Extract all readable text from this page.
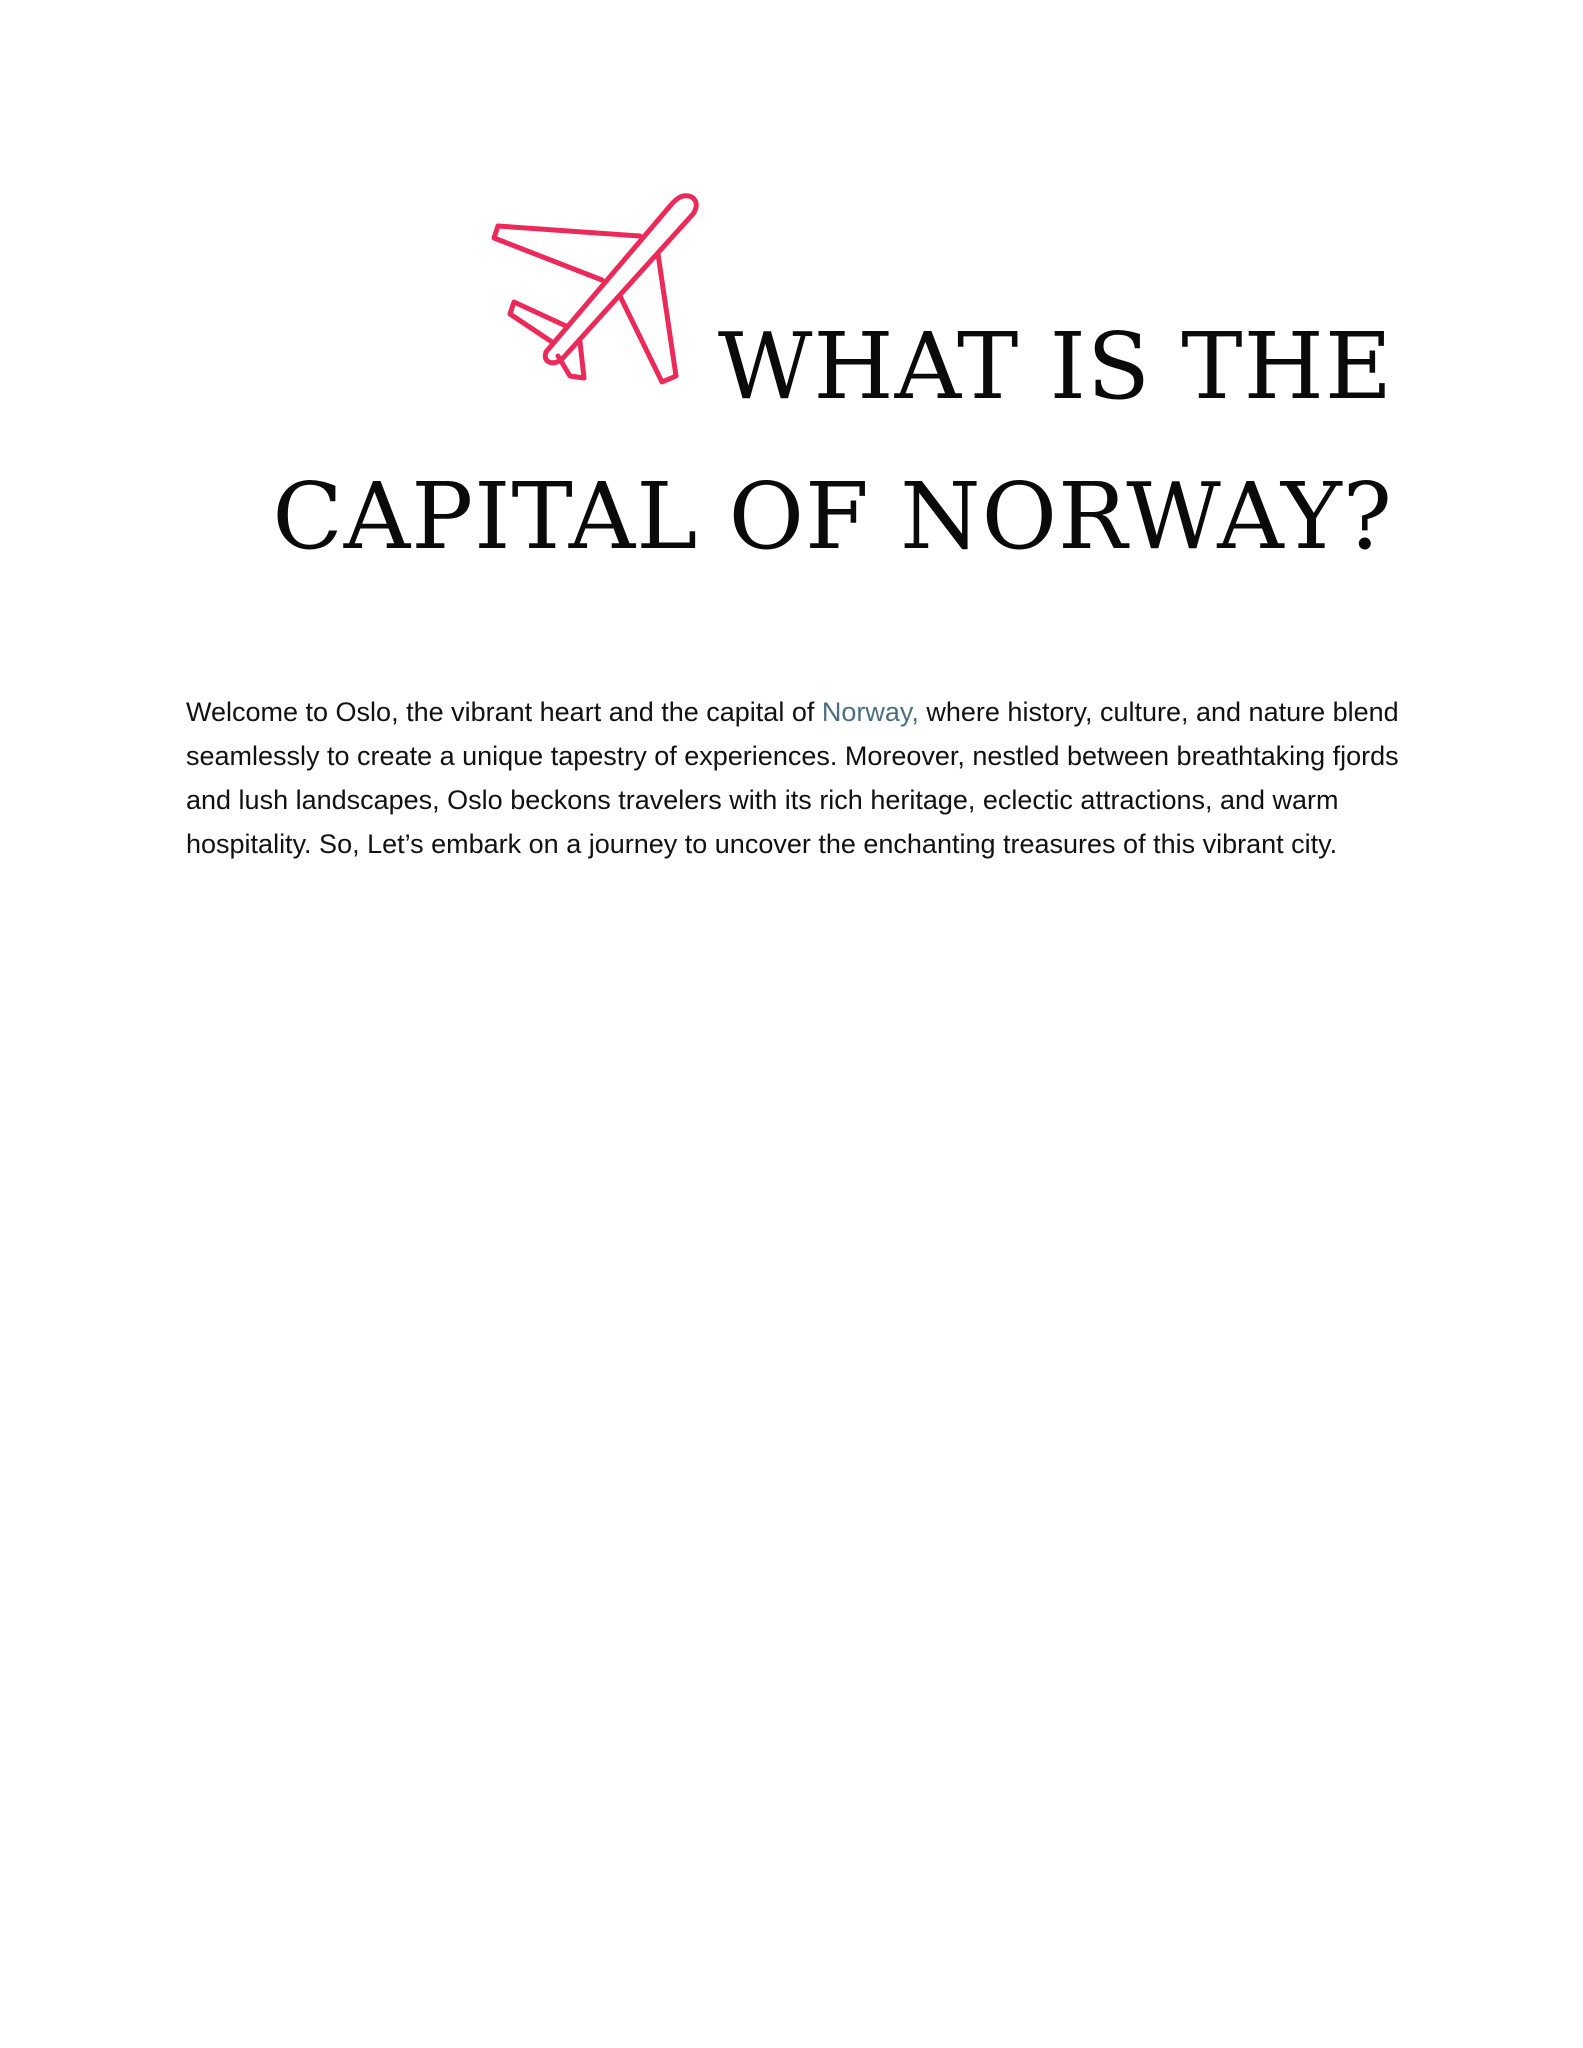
WHAT IS THE
CAPITAL OF NORWAY?

Welcome to Oslo, the vibrant heart and the capital of Norway, where history, culture, and nature blend seamlessly to create a unique tapestry of experiences. Moreover, nestled between breathtaking fjords and lush landscapes, Oslo beckons travelers with its rich heritage, eclectic attractions, and warm hospitality. So, Let’s embark on a journey to uncover the enchanting treasures of this vibrant city.
